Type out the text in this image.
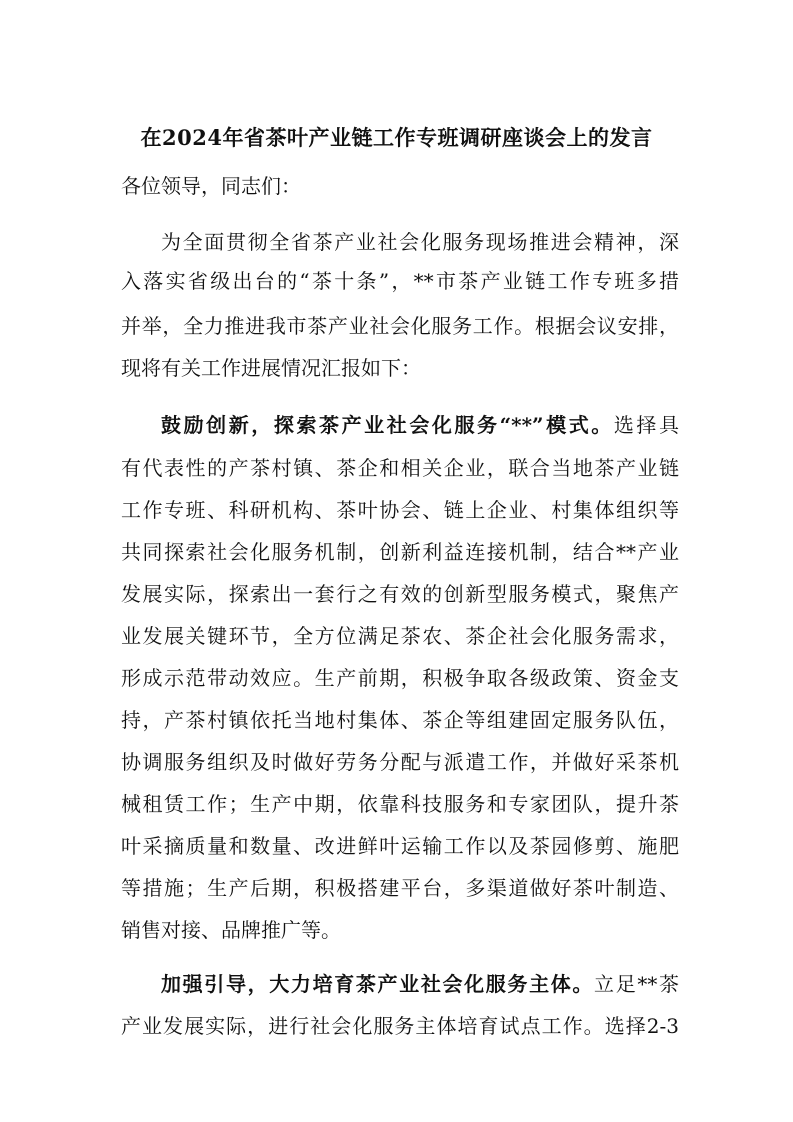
在2024年省茶叶产业链工作专班调研座谈会上的发言
各位领导，同志们：
为全面贯彻全省茶产业社会化服务现场推进会精神，深
入落实省级出台的“茶十条”，**市茶产业链工作专班多措
并举，全力推进我市茶产业社会化服务工作。根据会议安排，
现将有关工作进展情况汇报如下：
鼓励创新，探索茶产业社会化服务“**”模式。选择具
有代表性的产茶村镇、茶企和相关企业，联合当地茶产业链
工作专班、科研机构、茶叶协会、链上企业、村集体组织等
共同探索社会化服务机制，创新利益连接机制，结合**产业
发展实际，探索出一套行之有效的创新型服务模式，聚焦产
业发展关键环节，全方位满足茶农、茶企社会化服务需求，
形成示范带动效应。生产前期，积极争取各级政策、资金支
持，产茶村镇依托当地村集体、茶企等组建固定服务队伍，
协调服务组织及时做好劳务分配与派遣工作，并做好采茶机
械租赁工作；生产中期，依靠科技服务和专家团队，提升茶
叶采摘质量和数量、改进鲜叶运输工作以及茶园修剪、施肥
等措施；生产后期，积极搭建平台，多渠道做好茶叶制造、
销售对接、品牌推广等。
加强引导，大力培育茶产业社会化服务主体。立足**茶
产业发展实际，进行社会化服务主体培育试点工作。选择2-3
